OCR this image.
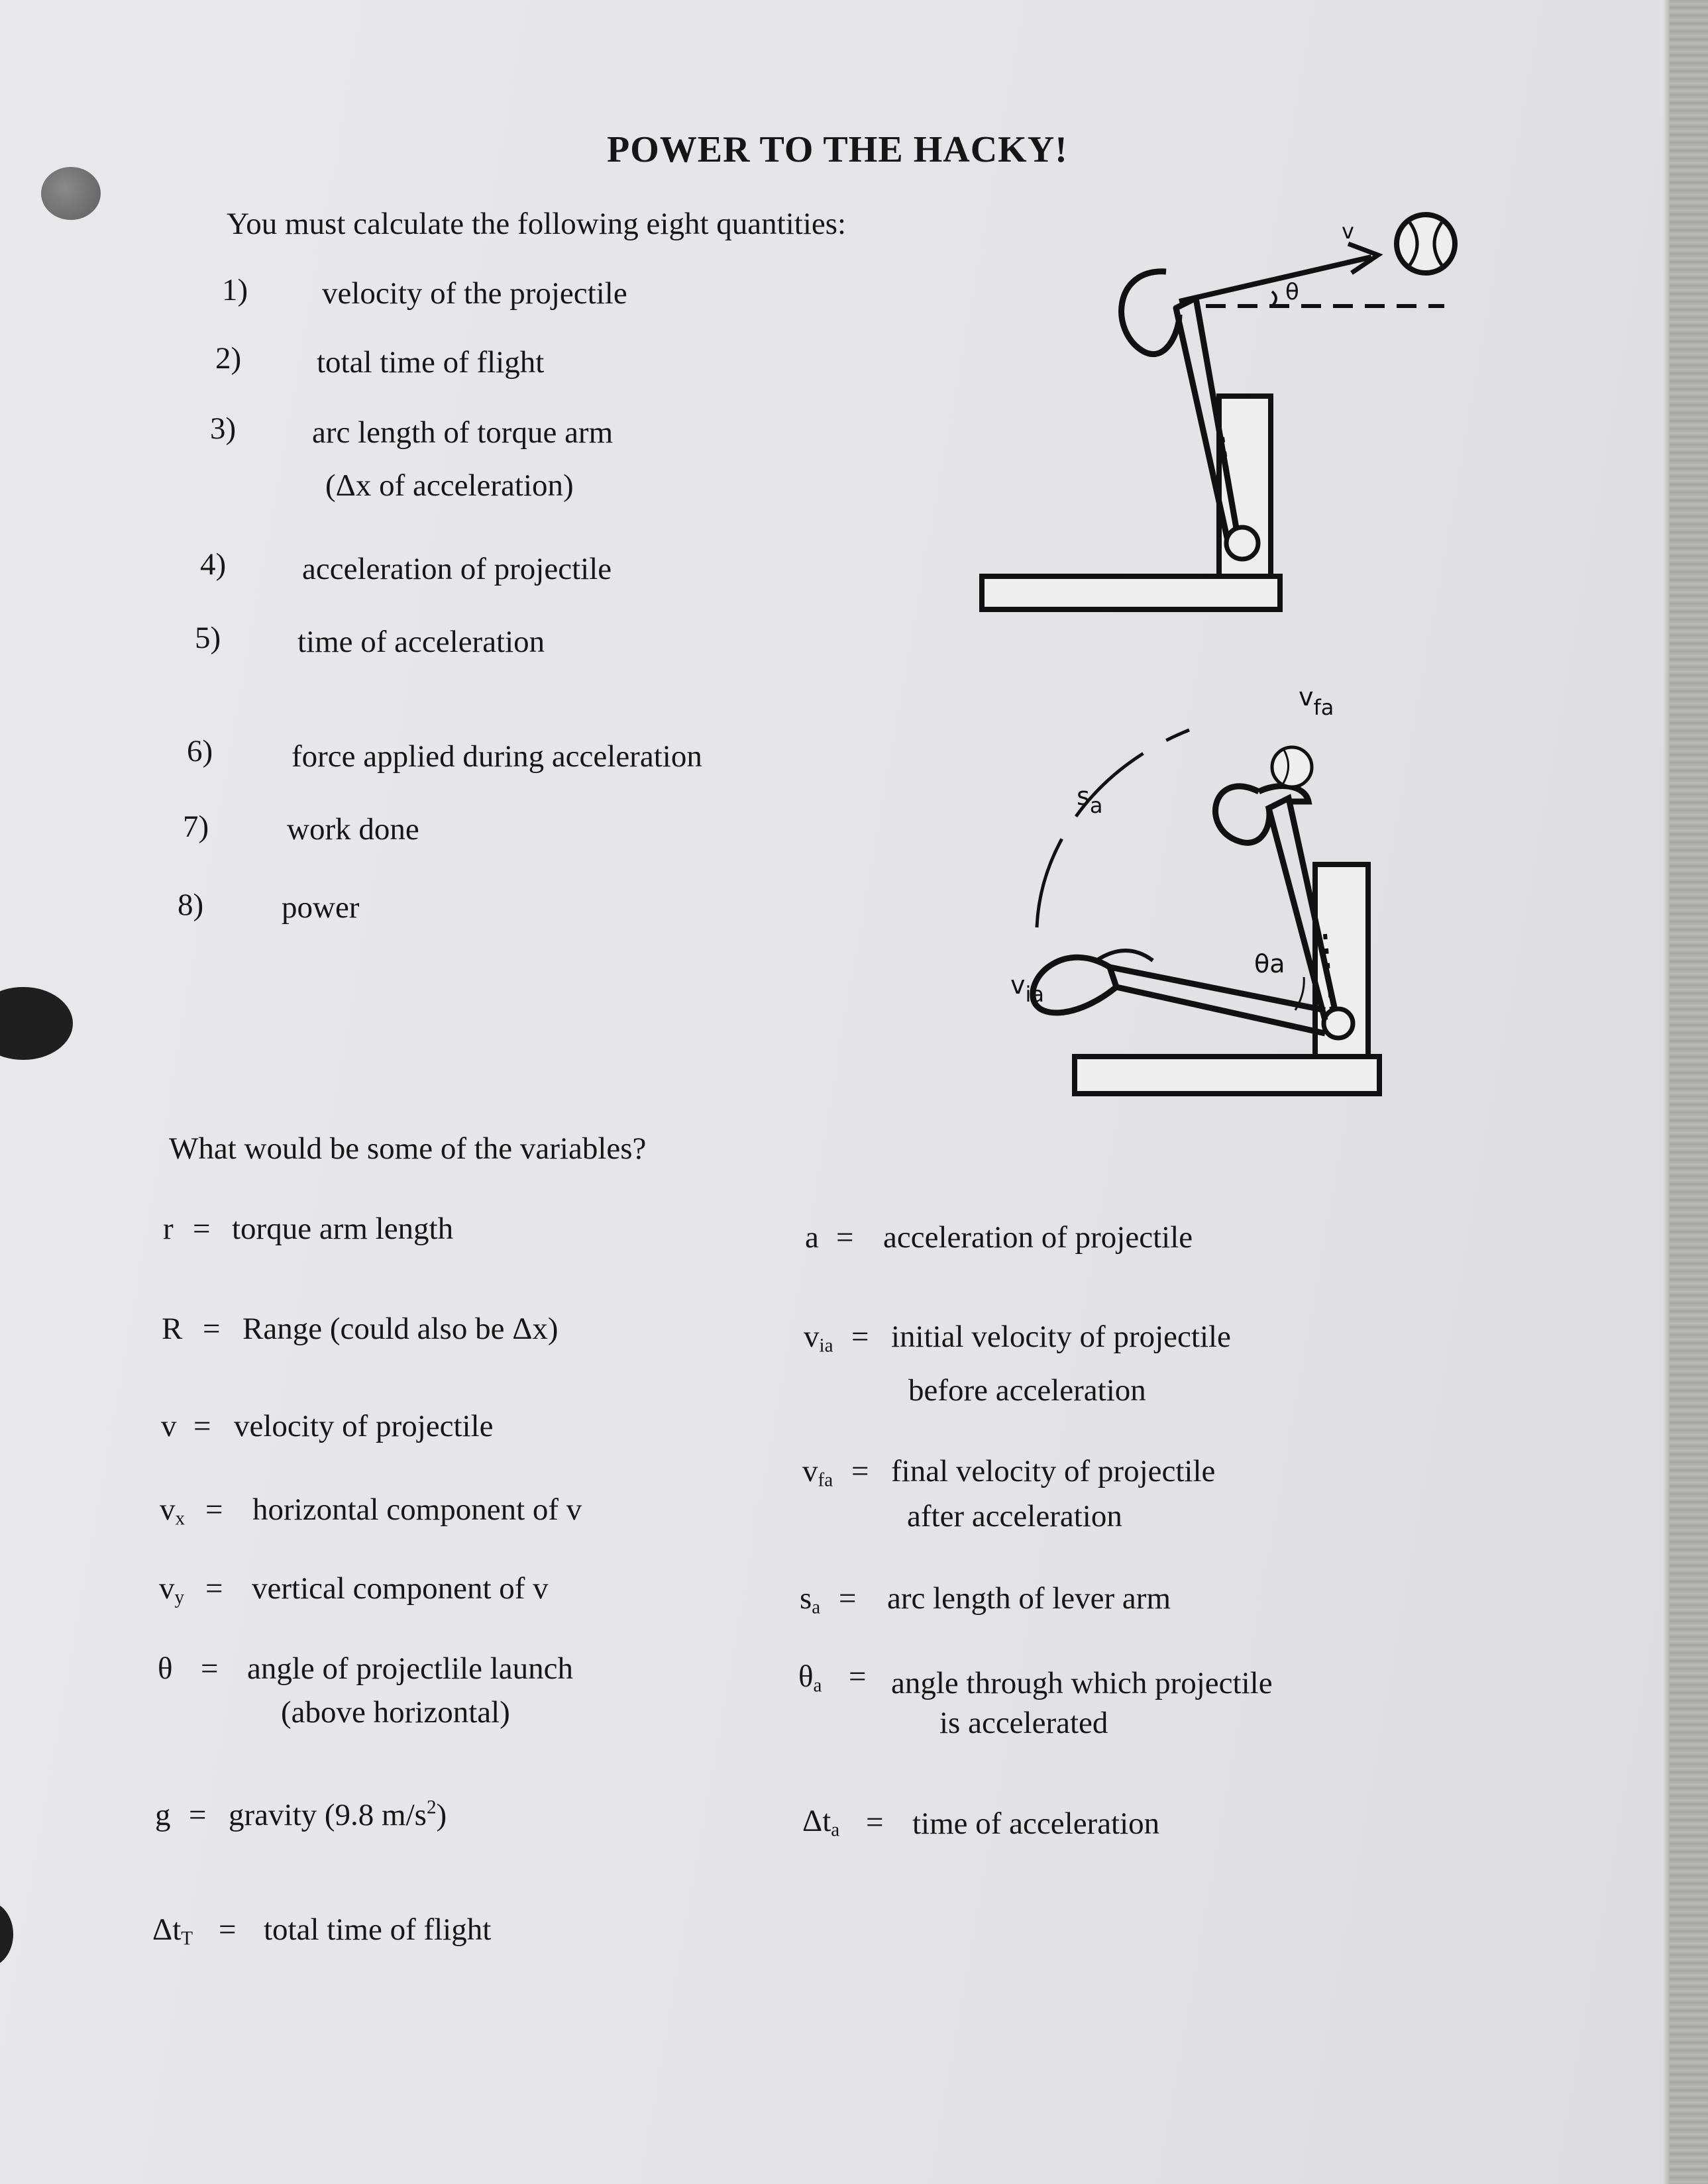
POWER TO THE HACKY!
You must calculate the following eight quantities:
1) velocity of the projectile
2) total time of flight
3) arc length of torque arm
(Δx of acceleration)
4) acceleration of projectile
5) time of acceleration
6)	force applied during acceleration
7)	work done
8)	power
θ
v
$v_{fa}$
$s_a$
θa
$v_{ia}$
What would be some of the variables?
r = torque arm length
R = Range (could also be Δx)
v = velocity of projectile
$v_x$ = horizontal component of v
$v_y$ = vertical component of v
θ = angle of projectlile launch
(above horizontal)
g = gravity (9.8 $m/s^2$)
$\Delta t_T$ = total time of flight
a = acceleration of projectile
$v_{ia}$ = initial velocity of projectile
before acceleration
$v_{fa}$ = final velocity of projectile
after acceleration
$s_a$ = arc length of lever arm
$\theta_a$ = angle through which projectile
is accelerated
$\Delta t_a$ = time of acceleration
